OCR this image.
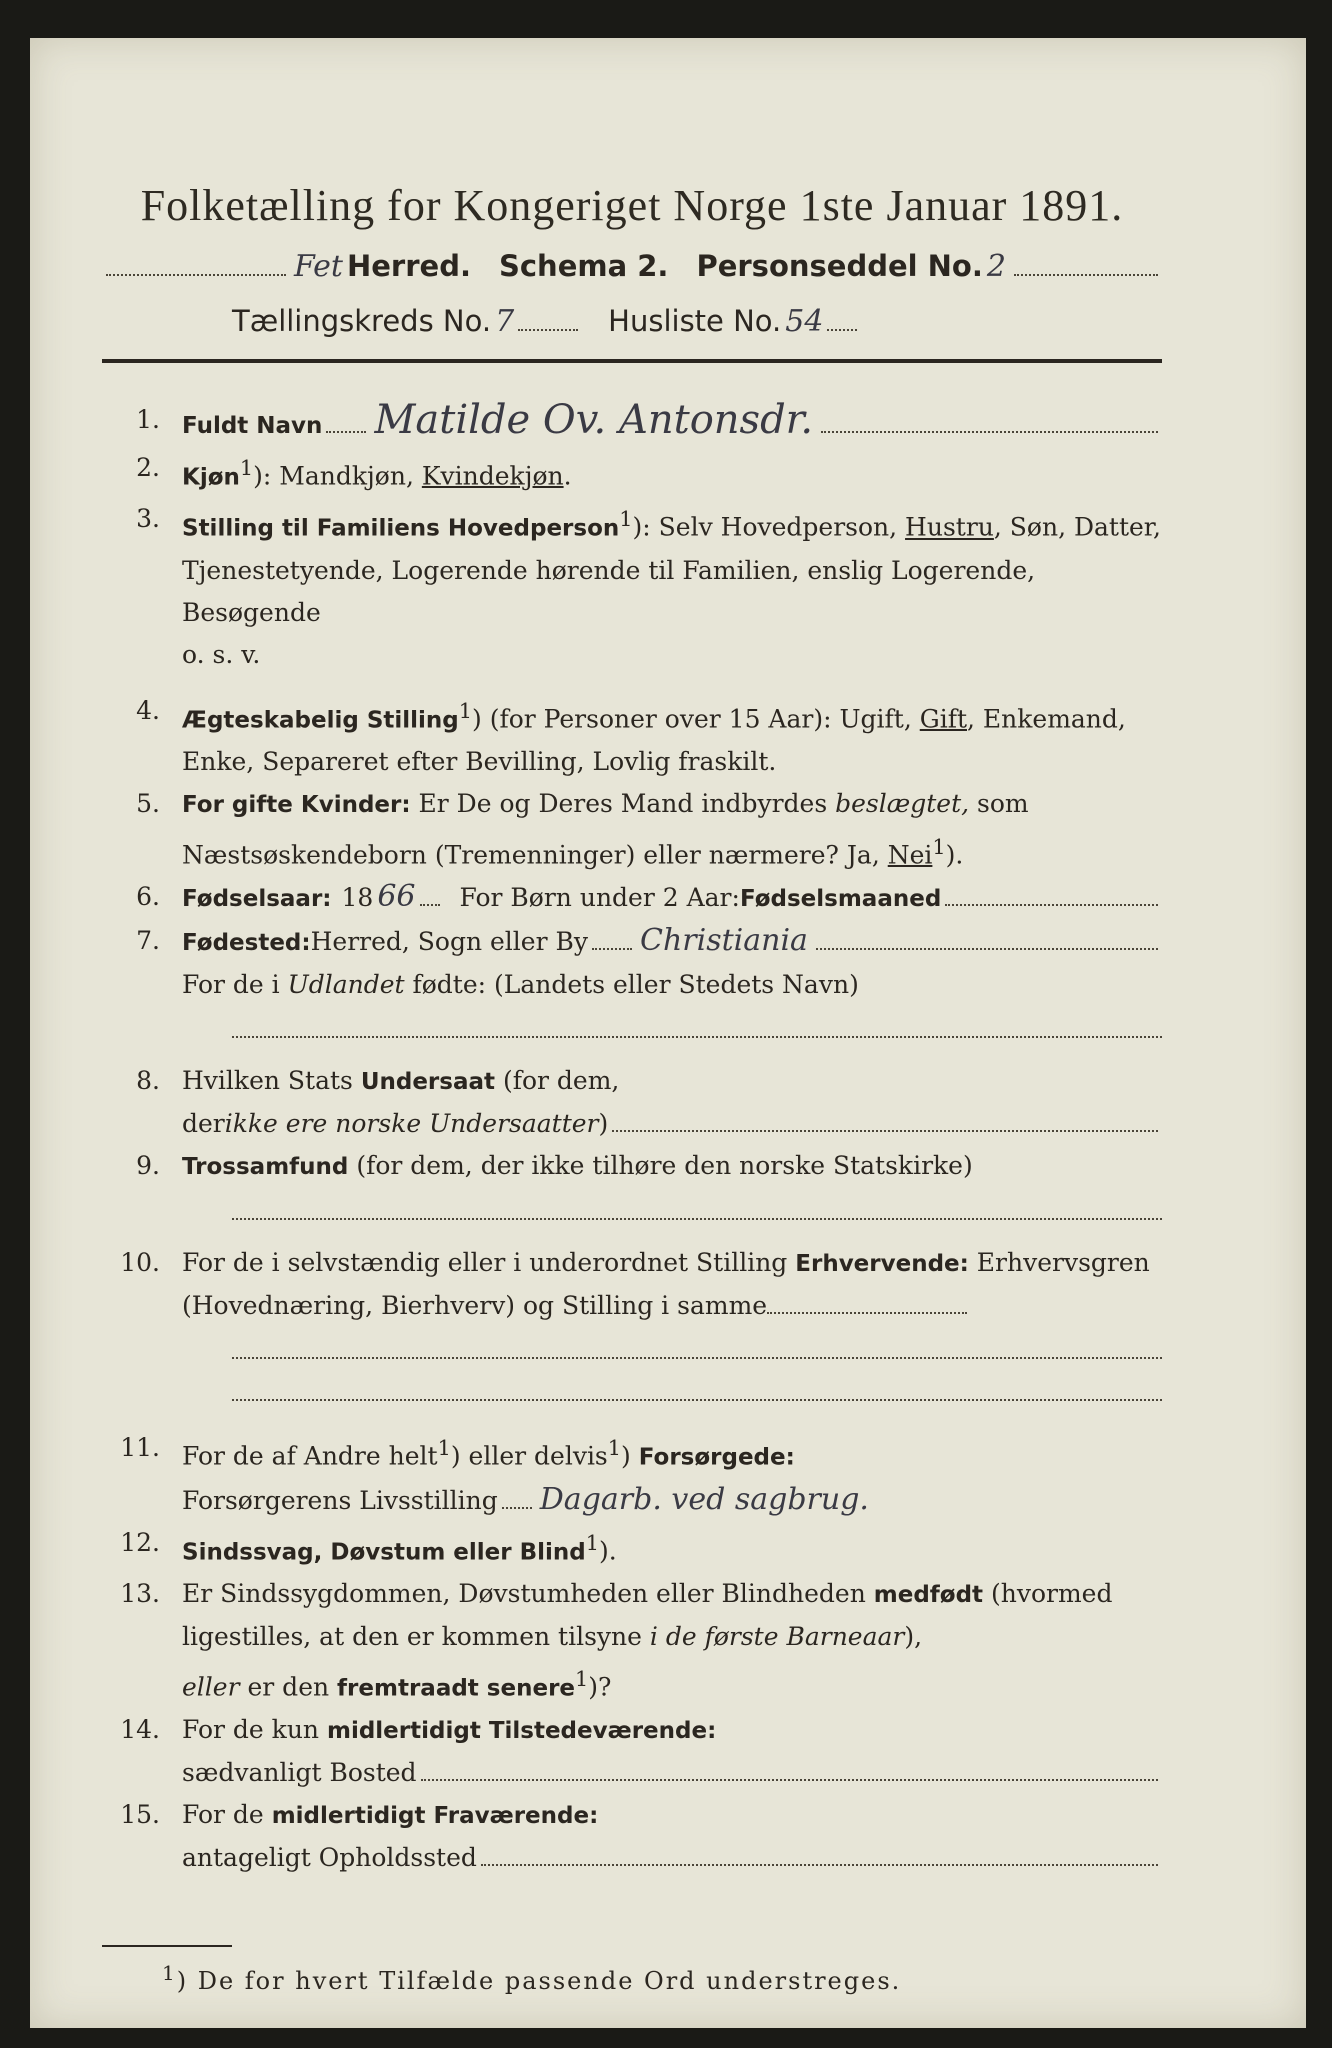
Folketælling for Kongeriget Norge 1ste Januar 1891.
Fet Herred. Schema 2. Personseddel No. 2
Tællingskreds No. 7	Husliste No. 54
1. Fuldt Navn Matilde Ov. Antonsdr.
2. Kjøn$^1$): Mandkjøn, Kvindekjøn.
3. Stilling til Familiens Hovedperson$^1$): Selv Hovedperson, Hustru, Søn, Datter, Tjenestetyende, Logerende hørende til Familien, enslig Logerende, Besøgende
o. s. v.
4. Ægteskabelig Stilling$^1$) (for Personer over 15 Aar): Ugift, Gift, Enkemand, Enke, Separeret efter Bevilling, Lovlig fraskilt.
5. For gifte Kvinder: Er De og Deres Mand indbyrdes beslægtet, som Næstsøskendeborn (Tremenninger) eller nærmere? Ja, Nei$^1$).
6. Fødselsaar: 18 66 For Børn under 2 Aar: Fødselsmaaned
7. Fødested: Herred, Sogn eller By Christiania
For de i Udlandet fødte: (Landets eller Stedets Navn)
8. Hvilken Stats Undersaat (for dem,
der ikke ere norske Undersaatter )
9. Trossamfund (for dem, der ikke tilhøre den norske Statskirke)
10. For de i selvstændig eller i underordnet Stilling Erhvervende: Erhvervsgren (Hovednæring, Bierhverv) og Stilling i samme
11. For de af Andre helt$^1$) eller delvis$^1$) Forsørgede:
Forsørgerens Livsstilling Dagarb. ved sagbrug.
12. Sindssvag, Døvstum eller Blind$^1$).
13. Er Sindssygdommen, Døvstumheden eller Blindheden medfødt (hvormed ligestilles, at den er kommen tilsyne i de første Barneaar),
eller er den fremtraadt senere$^1$)?
14. For de kun midlertidigt Tilstedeværende:
sædvanligt Bosted
15. For de midlertidigt Fraværende:
antageligt Opholdssted
$^1$) De for hvert Tilfælde passende Ord understreges.
